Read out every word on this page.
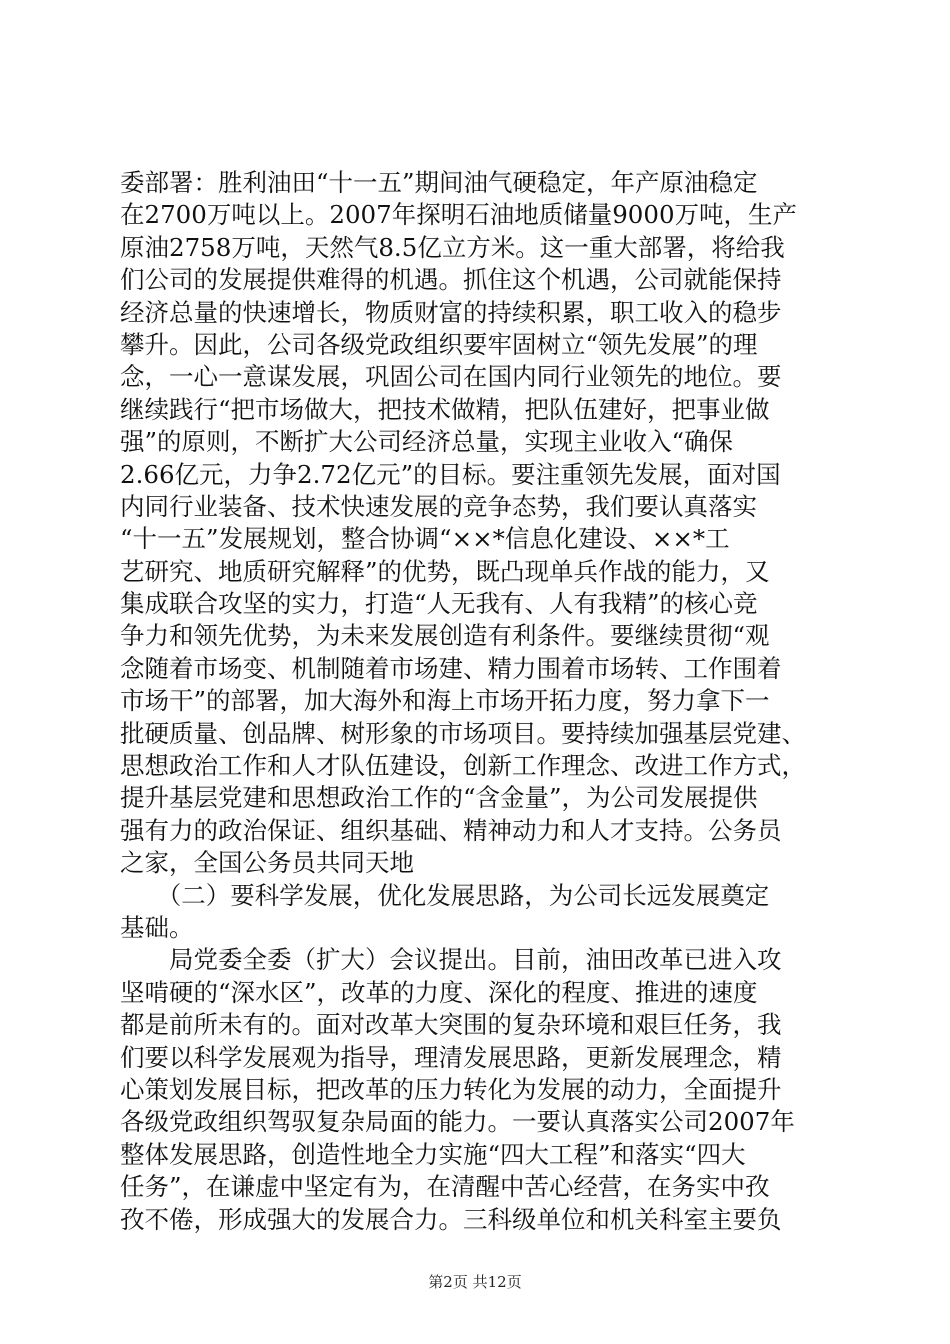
委部署：胜利油田“十一五”期间油气硬稳定，年产原油稳定
在2700万吨以上。2007年探明石油地质储量9000万吨，生产
原油2758万吨，天然气8.5亿立方米。这一重大部署，将给我
们公司的发展提供难得的机遇。抓住这个机遇，公司就能保持
经济总量的快速增长，物质财富的持续积累，职工收入的稳步
攀升。因此，公司各级党政组织要牢固树立“领先发展”的理
念，一心一意谋发展，巩固公司在国内同行业领先的地位。要
继续践行“把市场做大，把技术做精，把队伍建好，把事业做
强”的原则，不断扩大公司经济总量，实现主业收入“确保
2.66亿元，力争2.72亿元”的目标。要注重领先发展，面对国
内同行业装备、技术快速发展的竞争态势，我们要认真落实
“十一五”发展规划，整合协调“××*信息化建设、××*工
艺研究、地质研究解释”的优势，既凸现单兵作战的能力，又
集成联合攻坚的实力，打造“人无我有、人有我精”的核心竞
争力和领先优势，为未来发展创造有利条件。要继续贯彻“观
念随着市场变、机制随着市场建、精力围着市场转、工作围着
市场干”的部署，加大海外和海上市场开拓力度，努力拿下一
批硬质量、创品牌、树形象的市场项目。要持续加强基层党建、
思想政治工作和人才队伍建设，创新工作理念、改进工作方式，
提升基层党建和思想政治工作的“含金量”，为公司发展提供
强有力的政治保证、组织基础、精神动力和人才支持。公务员
之家，全国公务员共同天地
　　（二）要科学发展，优化发展思路，为公司长远发展奠定
基础。
　　局党委全委（扩大）会议提出。目前，油田改革已进入攻
坚啃硬的“深水区”，改革的力度、深化的程度、推进的速度
都是前所未有的。面对改革大突围的复杂环境和艰巨任务，我
们要以科学发展观为指导，理清发展思路，更新发展理念，精
心策划发展目标，把改革的压力转化为发展的动力，全面提升
各级党政组织驾驭复杂局面的能力。一要认真落实公司2007年
整体发展思路，创造性地全力实施“四大工程”和落实“四大
任务”，在谦虚中坚定有为，在清醒中苦心经营，在务实中孜
孜不倦，形成强大的发展合力。三科级单位和机关科室主要负
第2页 共12页
